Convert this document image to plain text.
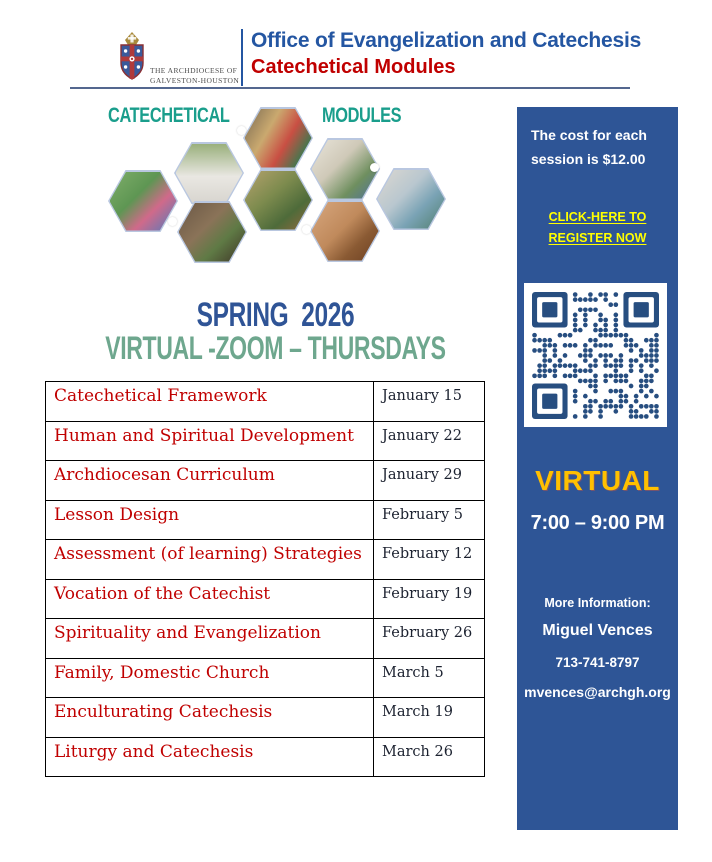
THE ARCHDIOCESE OF
GALVESTON-HOUSTON
Office of Evangelization and Catechesis
Catechetical Modules
CATECHETICAL	MODULES
SPRING  2026
VIRTUAL -ZOOM – THURSDAYS
Catechetical Framework	January 15
Human and Spiritual Development	January 22
Archdiocesan Curriculum	January 29
Lesson Design	February 5
Assessment (of learning) Strategies	February 12
Vocation of the Catechist	February 19
Spirituality and Evangelization	February 26
Family, Domestic Church	March 5
Enculturating Catechesis	March 19
Liturgy and Catechesis	March 26
The cost for each
session is $12.00
CLICK-HERE TO
REGISTER NOW
VIRTUAL
7:00 – 9:00 PM
More Information:
Miguel Vences
713-741-8797
mvences@archgh.org
